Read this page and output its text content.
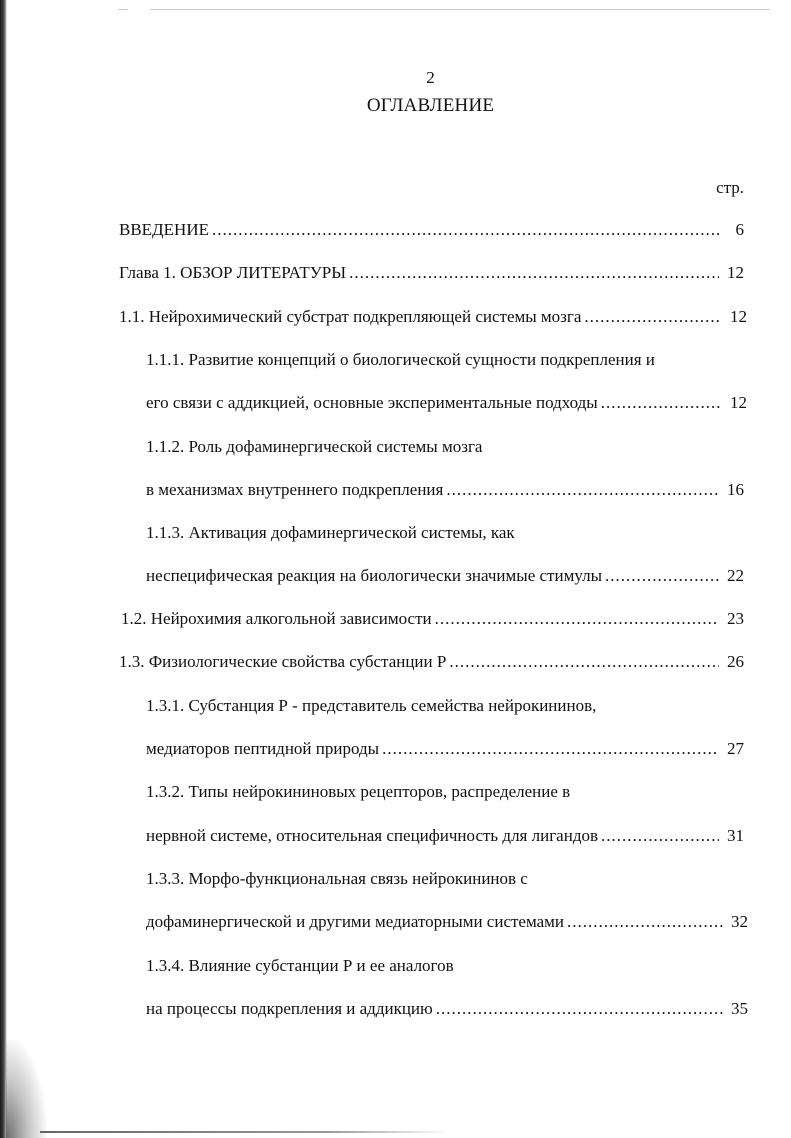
2
ОГЛАВЛЕНИЕ
стр.
ВВЕДЕНИЕ .....	6
Глава 1. ОБЗОР ЛИТЕРАТУРЫ .....	12
1.1. Нейрохимический субстрат подкрепляющей системы мозга .....	12
1.1.1. Развитие концепций о биологической сущности подкрепления и
его связи с аддикцией, основные экспериментальные подходы .....	12
1.1.2. Роль дофаминергической системы мозга
в механизмах внутреннего подкрепления .....	16
1.1.3. Активация дофаминергической системы, как
неспецифическая реакция на биологически значимые стимулы .....	22
1.2. Нейрохимия алкогольной зависимости .....	23
1.3. Физиологические свойства субстанции Р .....	26
1.3.1. Субстанция Р - представитель семейства нейрокининов,
медиаторов пептидной природы .....	27
1.3.2. Типы нейрокининовых рецепторов, распределение в
нервной системе, относительная специфичность для лигандов .....	31
1.3.3. Морфо-функциональная связь нейрокининов с
дофаминергической и другими медиаторными системами .....	32
1.3.4. Влияние субстанции Р и ее аналогов
на процессы подкрепления и аддикцию .....	35
